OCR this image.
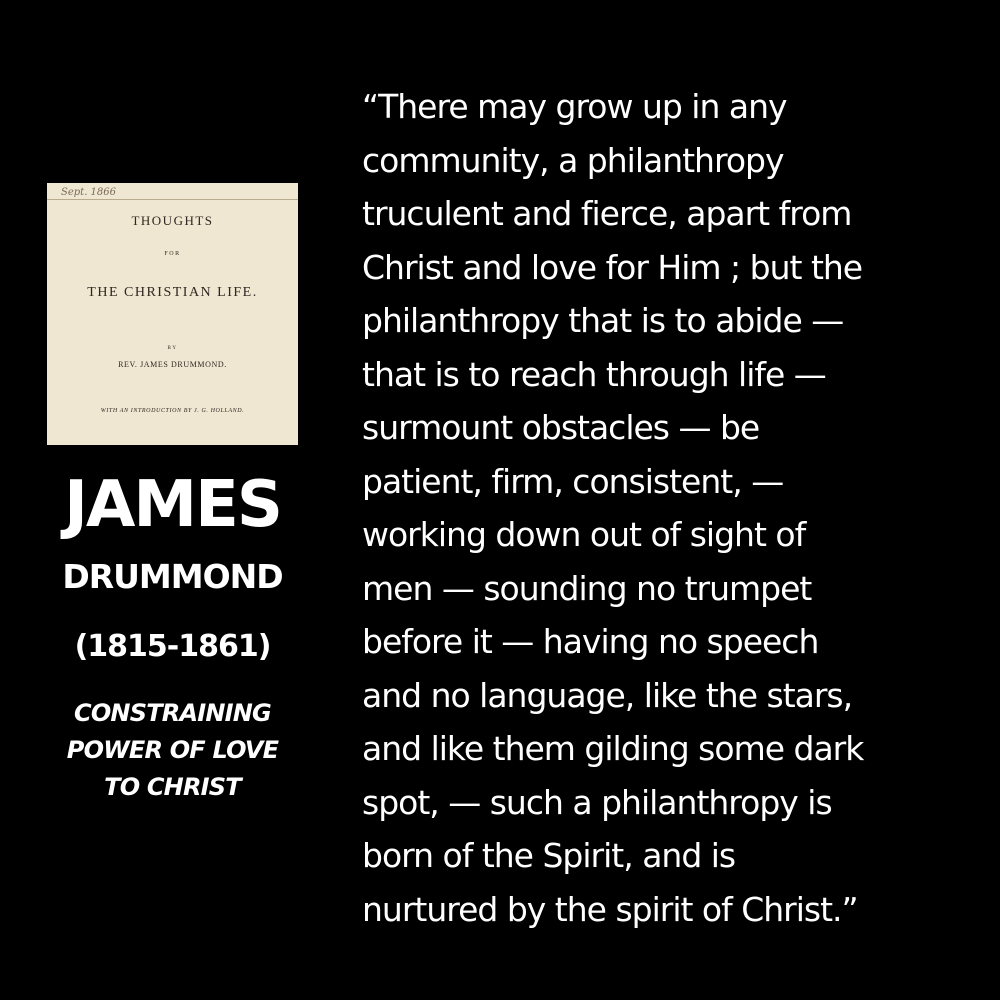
Sept. 1866
THOUGHTS
FOR
THE CHRISTIAN LIFE.
BY
REV. JAMES DRUMMOND.
WITH AN INTRODUCTION BY J. G. HOLLAND.
JAMES
DRUMMOND
(1815-1861)
CONSTRAINING
POWER OF LOVE
TO CHRIST
“There may grow up in any
community, a philanthropy
truculent and fierce, apart from
Christ and love for Him ; but the
philanthropy that is to abide —
that is to reach through life —
surmount obstacles — be
patient, firm, consistent, —
working down out of sight of
men — sounding no trumpet
before it — having no speech
and no language, like the stars,
and like them gilding some dark
spot, — such a philanthropy is
born of the Spirit, and is
nurtured by the spirit of Christ.”
